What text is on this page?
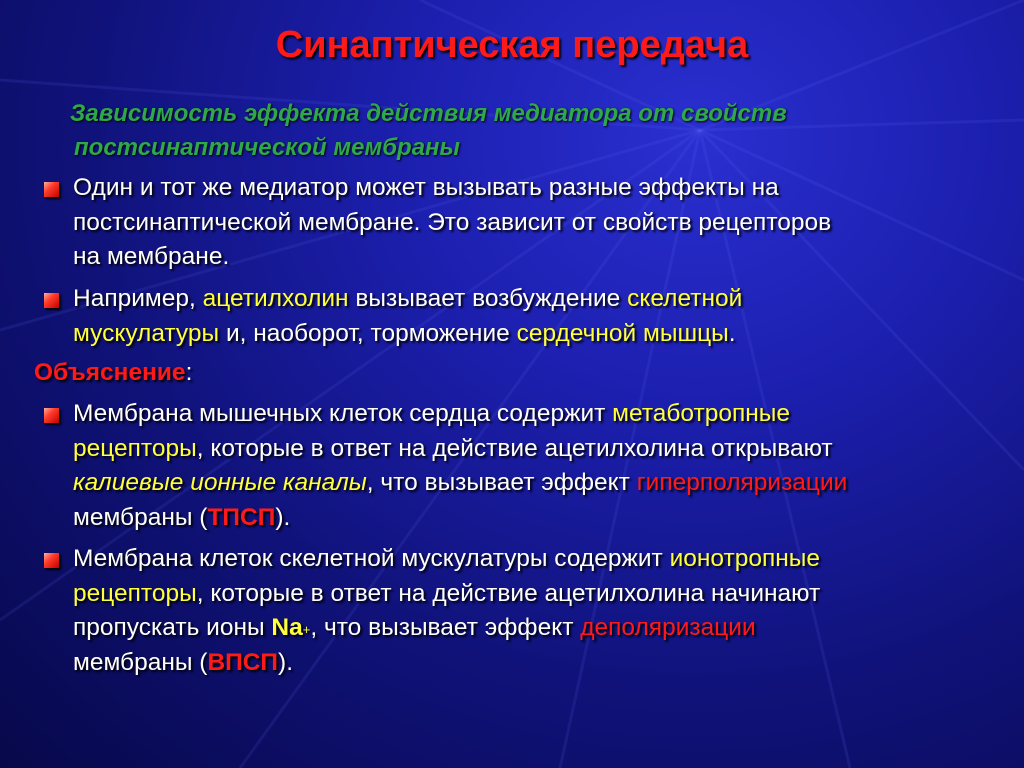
Синаптическая передача
Зависимость эффекта действия медиатора от свойств
постсинаптической мембраны
Один и тот же медиатор может вызывать разные эффекты на
постсинаптической мембране. Это зависит от свойств рецепторов
на мембране.
Например, ацетилхолин вызывает возбуждение скелетной
мускулатуры и, наоборот, торможение сердечной мышцы.
Объяснение:
Мембрана мышечных клеток сердца содержит метаботропные
рецепторы, которые в ответ на действие ацетилхолина открывают
калиевые ионные каналы, что вызывает эффект гиперполяризации
мембраны (ТПСП).
Мембрана клеток скелетной мускулатуры содержит ионотропные
рецепторы, которые в ответ на действие ацетилхолина начинают
пропускать ионы Na+, что вызывает эффект деполяризации
мембраны (ВПСП).
